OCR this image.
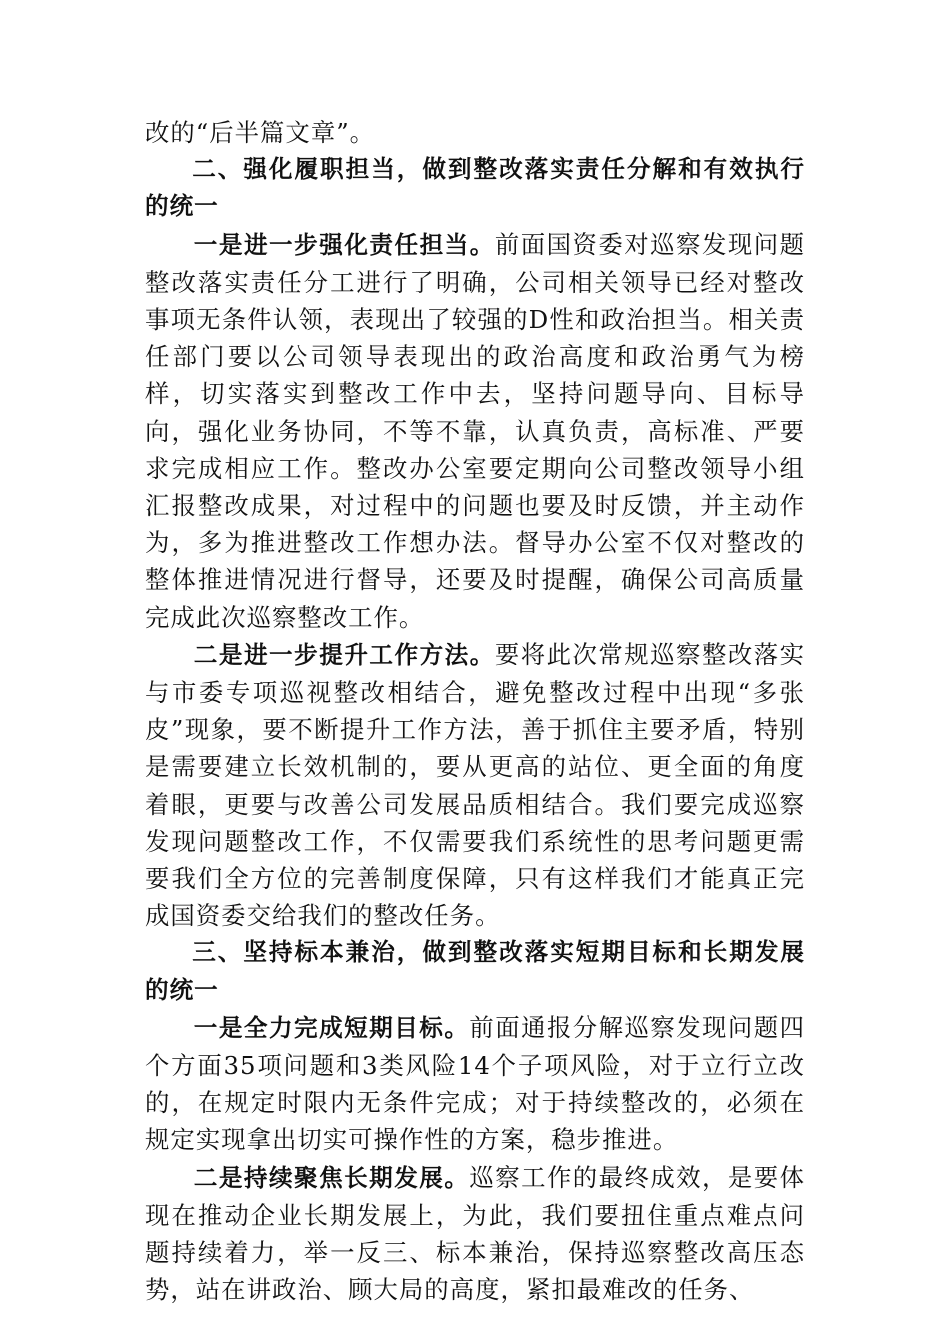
改的“后半篇文章”。

二、强化履职担当，做到整改落实责任分解和有效执行的统一

一是进一步强化责任担当。前面国资委对巡察发现问题整改落实责任分工进行了明确，公司相关领导已经对整改事项无条件认领，表现出了较强的D性和政治担当。相关责任部门要以公司领导表现出的政治高度和政治勇气为榜样，切实落实到整改工作中去，坚持问题导向、目标导向，强化业务协同，不等不靠，认真负责，高标准、严要求完成相应工作。整改办公室要定期向公司整改领导小组汇报整改成果，对过程中的问题也要及时反馈，并主动作为，多为推进整改工作想办法。督导办公室不仅对整改的整体推进情况进行督导，还要及时提醒，确保公司高质量完成此次巡察整改工作。

二是进一步提升工作方法。要将此次常规巡察整改落实与市委专项巡视整改相结合，避免整改过程中出现“多张皮”现象，要不断提升工作方法，善于抓住主要矛盾，特别是需要建立长效机制的，要从更高的站位、更全面的角度着眼，更要与改善公司发展品质相结合。我们要完成巡察发现问题整改工作，不仅需要我们系统性的思考问题更需要我们全方位的完善制度保障，只有这样我们才能真正完成国资委交给我们的整改任务。

三、坚持标本兼治，做到整改落实短期目标和长期发展的统一

一是全力完成短期目标。前面通报分解巡察发现问题四个方面35项问题和3类风险14个子项风险，对于立行立改的，在规定时限内无条件完成；对于持续整改的，必须在规定实现拿出切实可操作性的方案，稳步推进。

二是持续聚焦长期发展。巡察工作的最终成效，是要体现在推动企业长期发展上，为此，我们要扭住重点难点问题持续着力，举一反三、标本兼治，保持巡察整改高压态势，站在讲政治、顾大局的高度，紧扣最难改的任务、
